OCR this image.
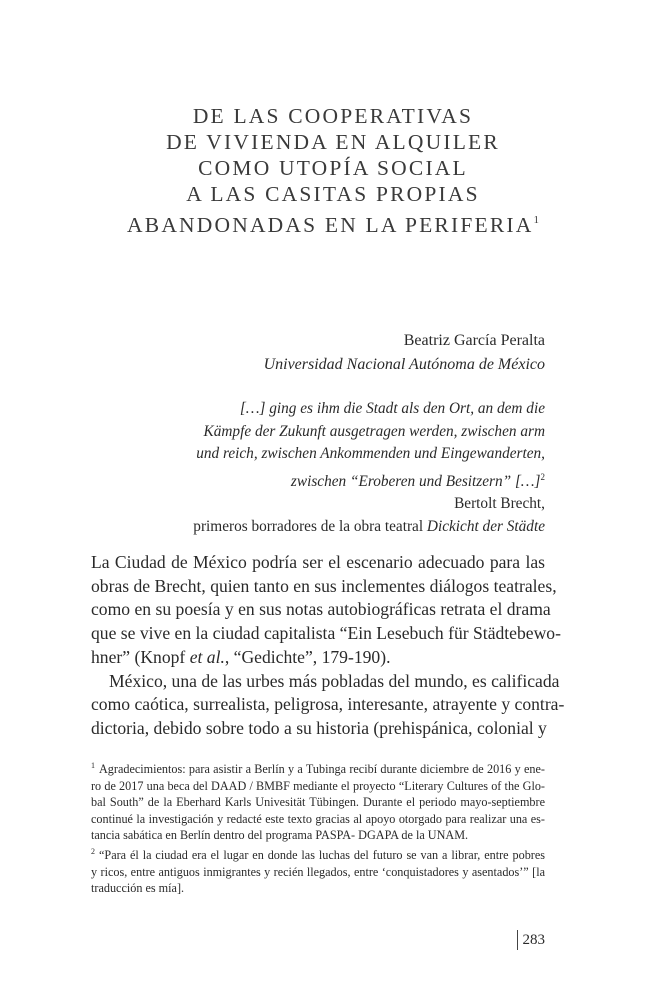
DE LAS COOPERATIVAS
DE VIVIENDA EN ALQUILER
COMO UTOPÍA SOCIAL
A LAS CASITAS PROPIAS
ABANDONADAS EN LA PERIFERIA$^1$
Beatriz García Peralta
Universidad Nacional Autónoma de México
[…] ging es ihm die Stadt als den Ort, an dem die
Kämpfe der Zukunft ausgetragen werden, zwischen arm
und reich, zwischen Ankommenden und Eingewanderten,
zwischen “Eroberen und Besitzern” […]$^2$
Bertolt Brecht,
primeros borradores de la obra teatral Dickicht der Städte

La Ciudad de México podría ser el escenario adecuado para las
obras de Brecht, quien tanto en sus inclementes diálogos teatrales,
como en su poesía y en sus notas autobiográficas retrata el drama
que se vive en la ciudad capitalista “Ein Lesebuch für Städtebewo-
hner” (Knopf et al., “Gedichte”, 179-190).

México, una de las urbes más pobladas del mundo, es calificada
como caótica, surrealista, peligrosa, interesante, atrayente y contra-
dictoria, debido sobre todo a su historia (prehispánica, colonial y

$^1$ Agradecimientos: para asistir a Berlín y a Tubinga recibí durante diciembre de 2016 y ene-
ro de 2017 una beca del DAAD / BMBF mediante el proyecto “Literary Cultures of the Glo-
bal South” de la Eberhard Karls Univesität Tübingen. Durante el periodo mayo-septiembre
continué la investigación y redacté este texto gracias al apoyo otorgado para realizar una es-
tancia sabática en Berlín dentro del programa PASPA- DGAPA de la UNAM.
$^2$ “Para él la ciudad era el lugar en donde las luchas del futuro se van a librar, entre pobres
y ricos, entre antiguos inmigrantes y recién llegados, entre ‘conquistadores y asentados’” [la
traducción es mía].
283
